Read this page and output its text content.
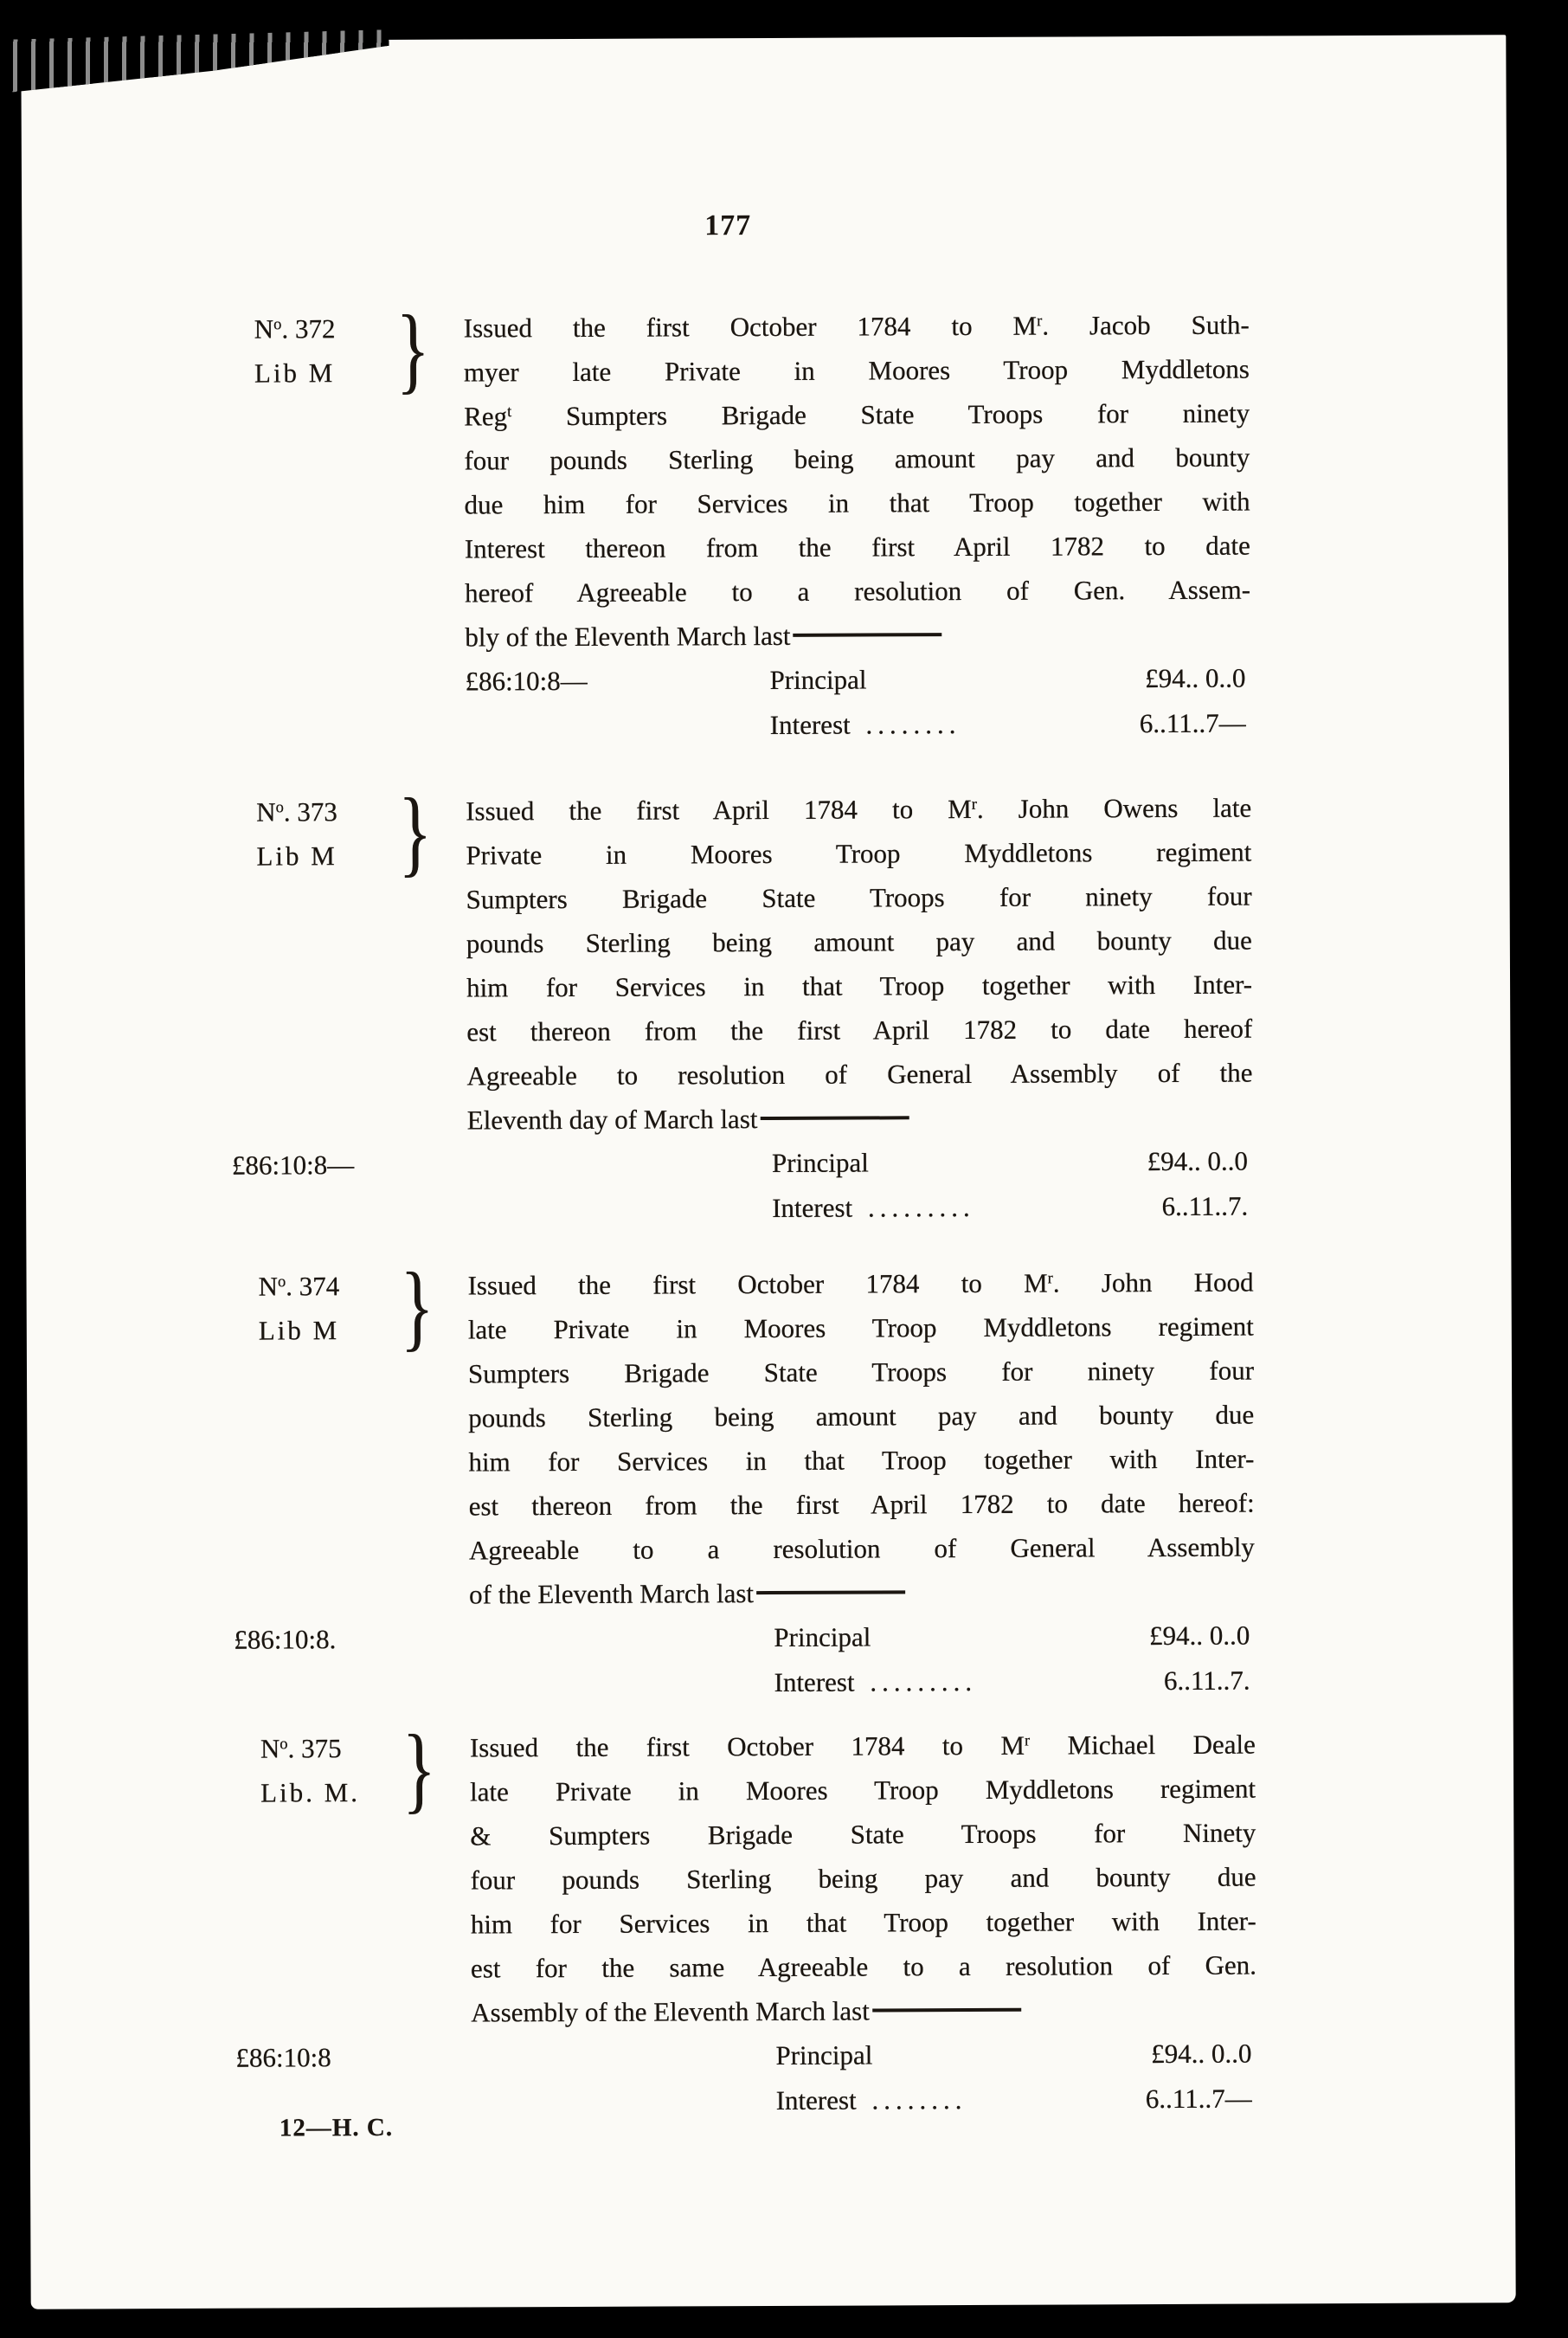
177
$N^o$. 372
Lib M } Issued the first October 1784 to $M^r$. Jacob Suth-
myer late Private in Moores Troop Myddletons
Reg$^t$ Sumpters Brigade State Troops for ninety
four pounds Sterling being amount pay and bounty
due him for Services in that Troop together with
Interest thereon from the first April 1782 to date
hereof Agreeable to a resolution of Gen. Assem-
bly of the Eleventh March last
£86:10:8—	Principal	£94.. 0..0
Interest ........	6..11..7—
$N^o$. 373
Lib M } Issued the first April 1784 to $M^r$. John Owens late
Private in Moores Troop Myddletons regiment
Sumpters Brigade State Troops for ninety four
pounds Sterling being amount pay and bounty due
him for Services in that Troop together with Inter-
est thereon from the first April 1782 to date hereof
Agreeable to resolution of General Assembly of the
Eleventh day of March last
£86:10:8—	Principal	£94.. 0..0
Interest .........	6..11..7.
$N^o$. 374
Lib M } Issued the first October 1784 to $M^r$. John Hood
late Private in Moores Troop Myddletons regiment
Sumpters Brigade State Troops for ninety four
pounds Sterling being amount pay and bounty due
him for Services in that Troop together with Inter-
est thereon from the first April 1782 to date hereof:
Agreeable to a resolution of General Assembly
of the Eleventh March last
£86:10:8.	Principal	£94.. 0..0
Interest .........	6..11..7.
$N^o$. 375
Lib. M. } Issued the first October 1784 to $M^r$ Michael Deale
late Private in Moores Troop Myddletons regiment
& Sumpters Brigade State Troops for Ninety
four pounds Sterling being pay and bounty due
him for Services in that Troop together with Inter-
est for the same Agreeable to a resolution of Gen.
Assembly of the Eleventh March last
£86:10:8	Principal	£94.. 0..0
Interest ........	6..11..7—
12—H. C.
